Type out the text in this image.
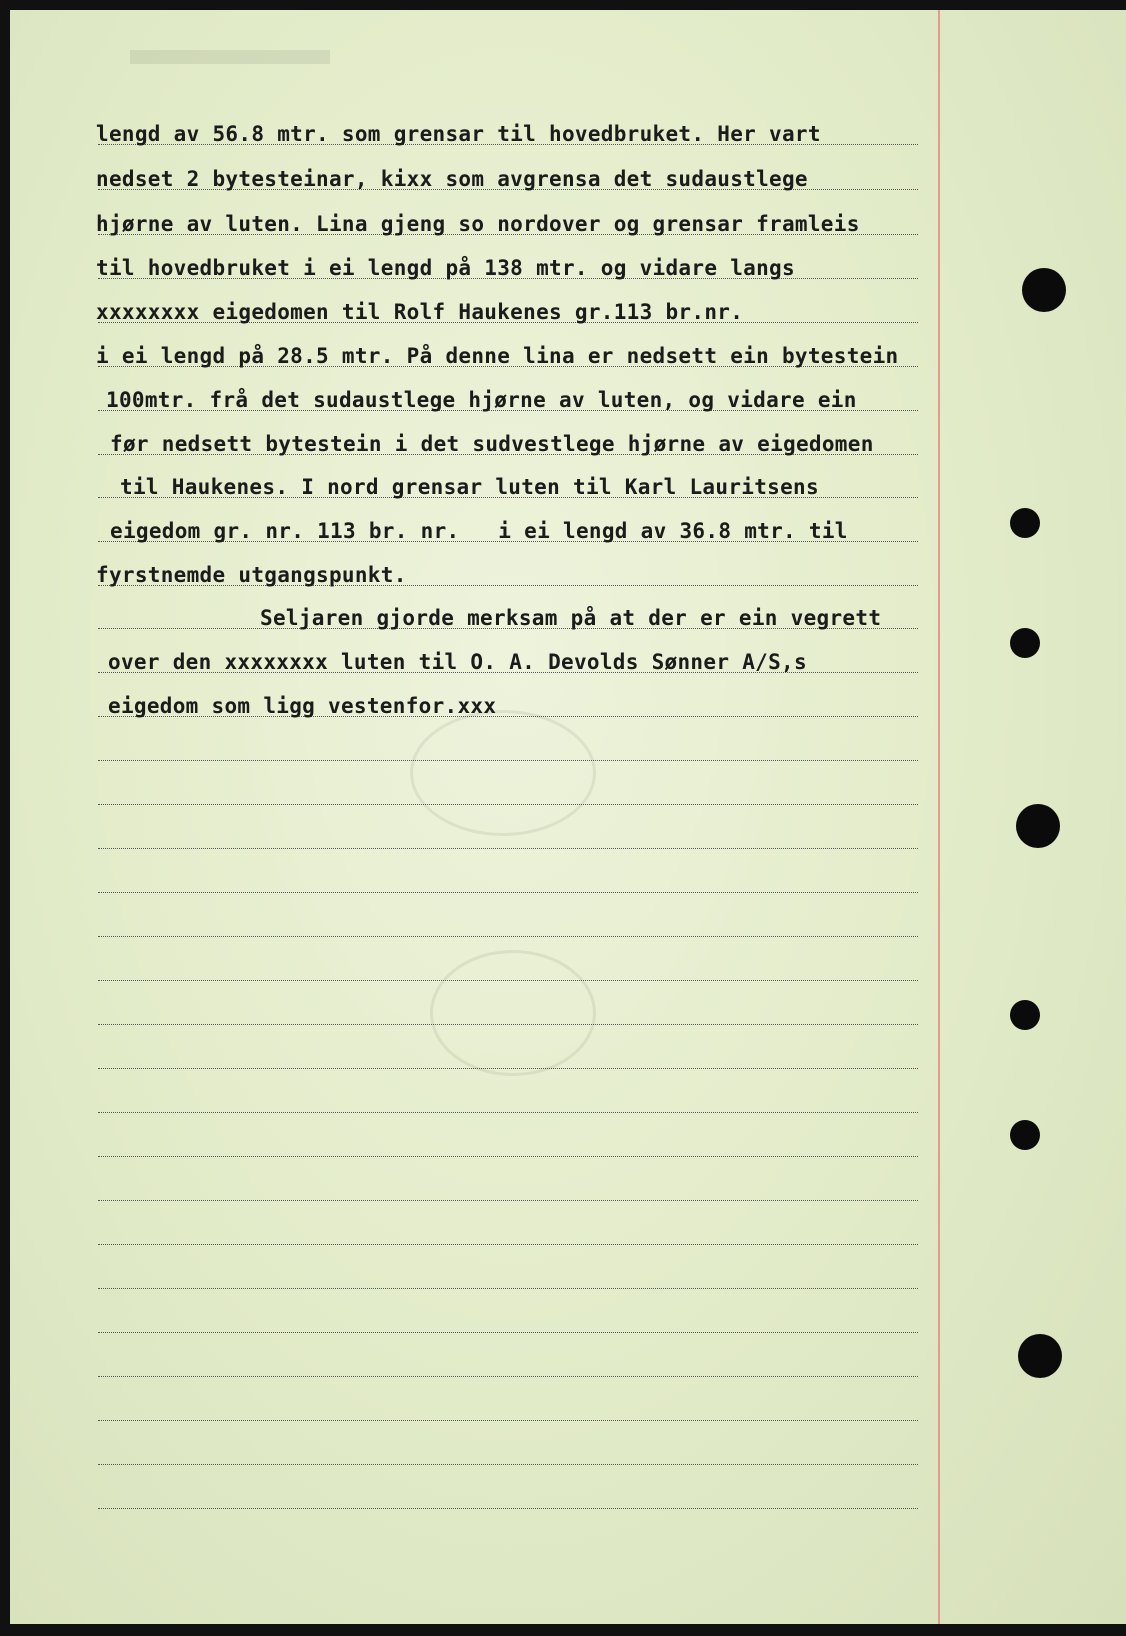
lengd av 56.8 mtr. som grensar til hovedbruket. Her vart
nedset 2 bytesteinar, kixx som avgrensa det sudaustlege
hjørne av luten. Lina gjeng so nordover og grensar framleis
til hovedbruket i ei lengd på 138 mtr. og vidare langs
xxxxxxxx eigedomen til Rolf Haukenes gr.113 br.nr.
i ei lengd på 28.5 mtr. På denne lina er nedsett ein bytestein
100mtr. frå det sudaustlege hjørne av luten, og vidare ein
før nedsett bytestein i det sudvestlege hjørne av eigedomen
til Haukenes. I nord grensar luten til Karl Lauritsens
eigedom gr. nr. 113 br. nr.   i ei lengd av 36.8 mtr. til
fyrstnemde utgangspunkt.
Seljaren gjorde merksam på at der er ein vegrett
over den xxxxxxxx luten til O. A. Devolds Sønner A/S,s
eigedom som ligg vestenfor.xxx
